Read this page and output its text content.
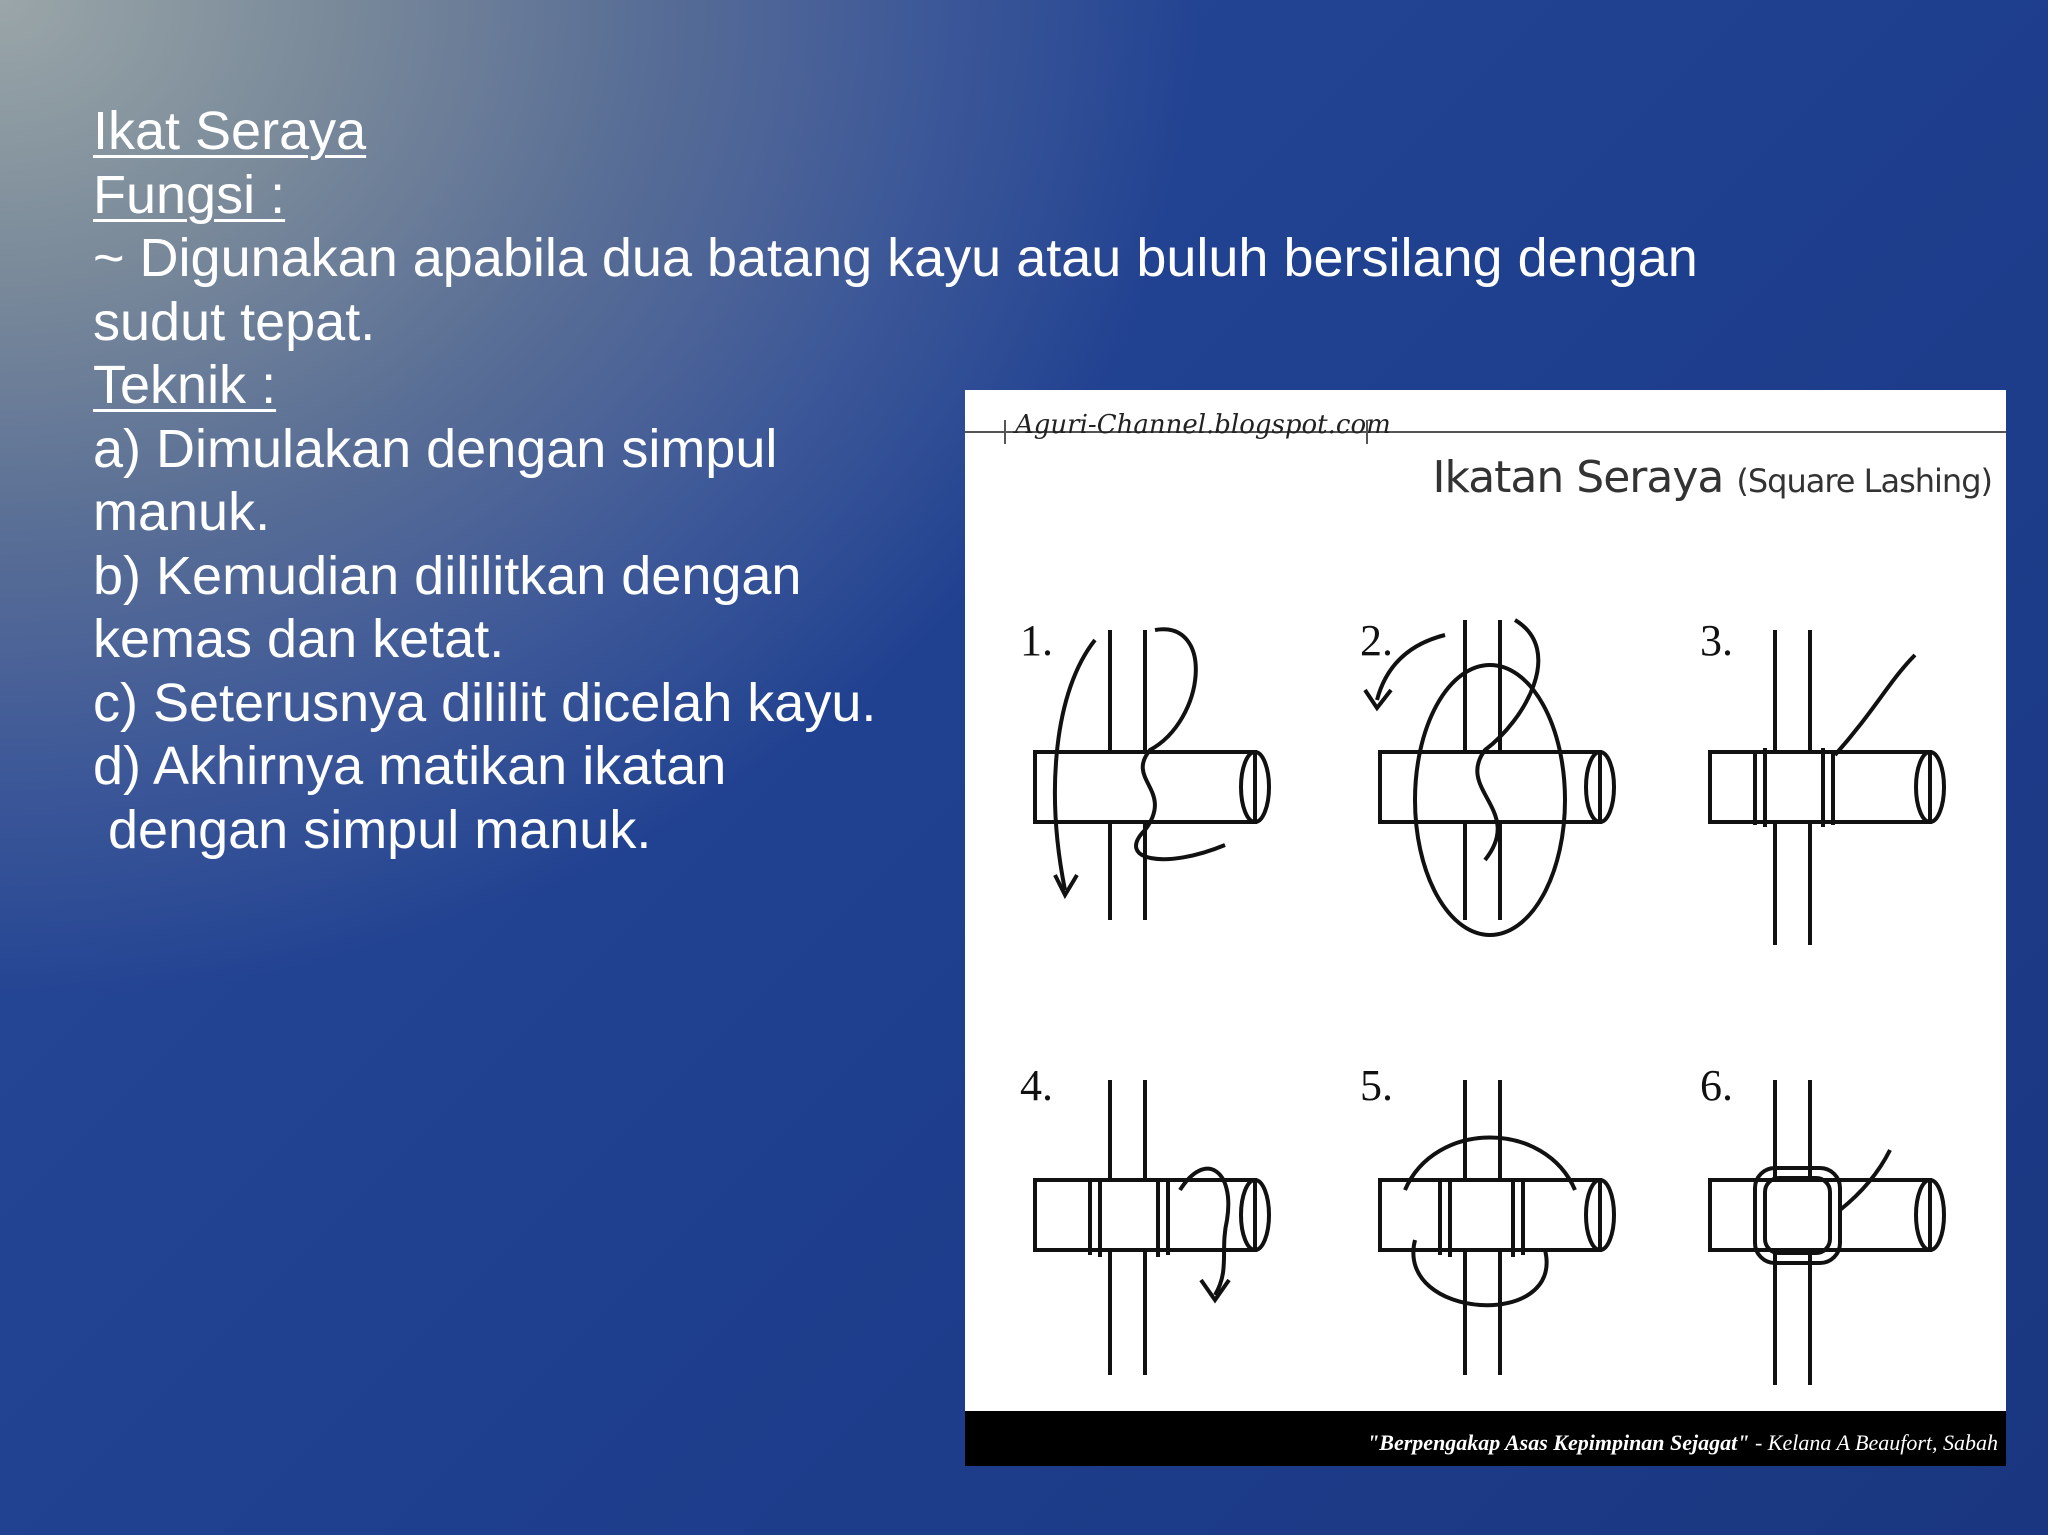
Ikat Seraya
Fungsi :
~ Digunakan apabila dua batang kayu atau buluh bersilang dengan
sudut tepat.
Teknik :
a) Dimulakan dengan simpul
manuk.
b) Kemudian dililitkan dengan
kemas dan ketat.
c) Seterusnya dililit dicelah kayu.
d) Akhirnya matikan ikatan
dengan simpul manuk.
Aguri-Channel.blogspot.com
Ikatan Seraya (Square Lashing)
1.	2.	3.
4.	5.	6.
"Berpengakap Asas Kepimpinan Sejagat" - Kelana A Beaufort, Sabah
